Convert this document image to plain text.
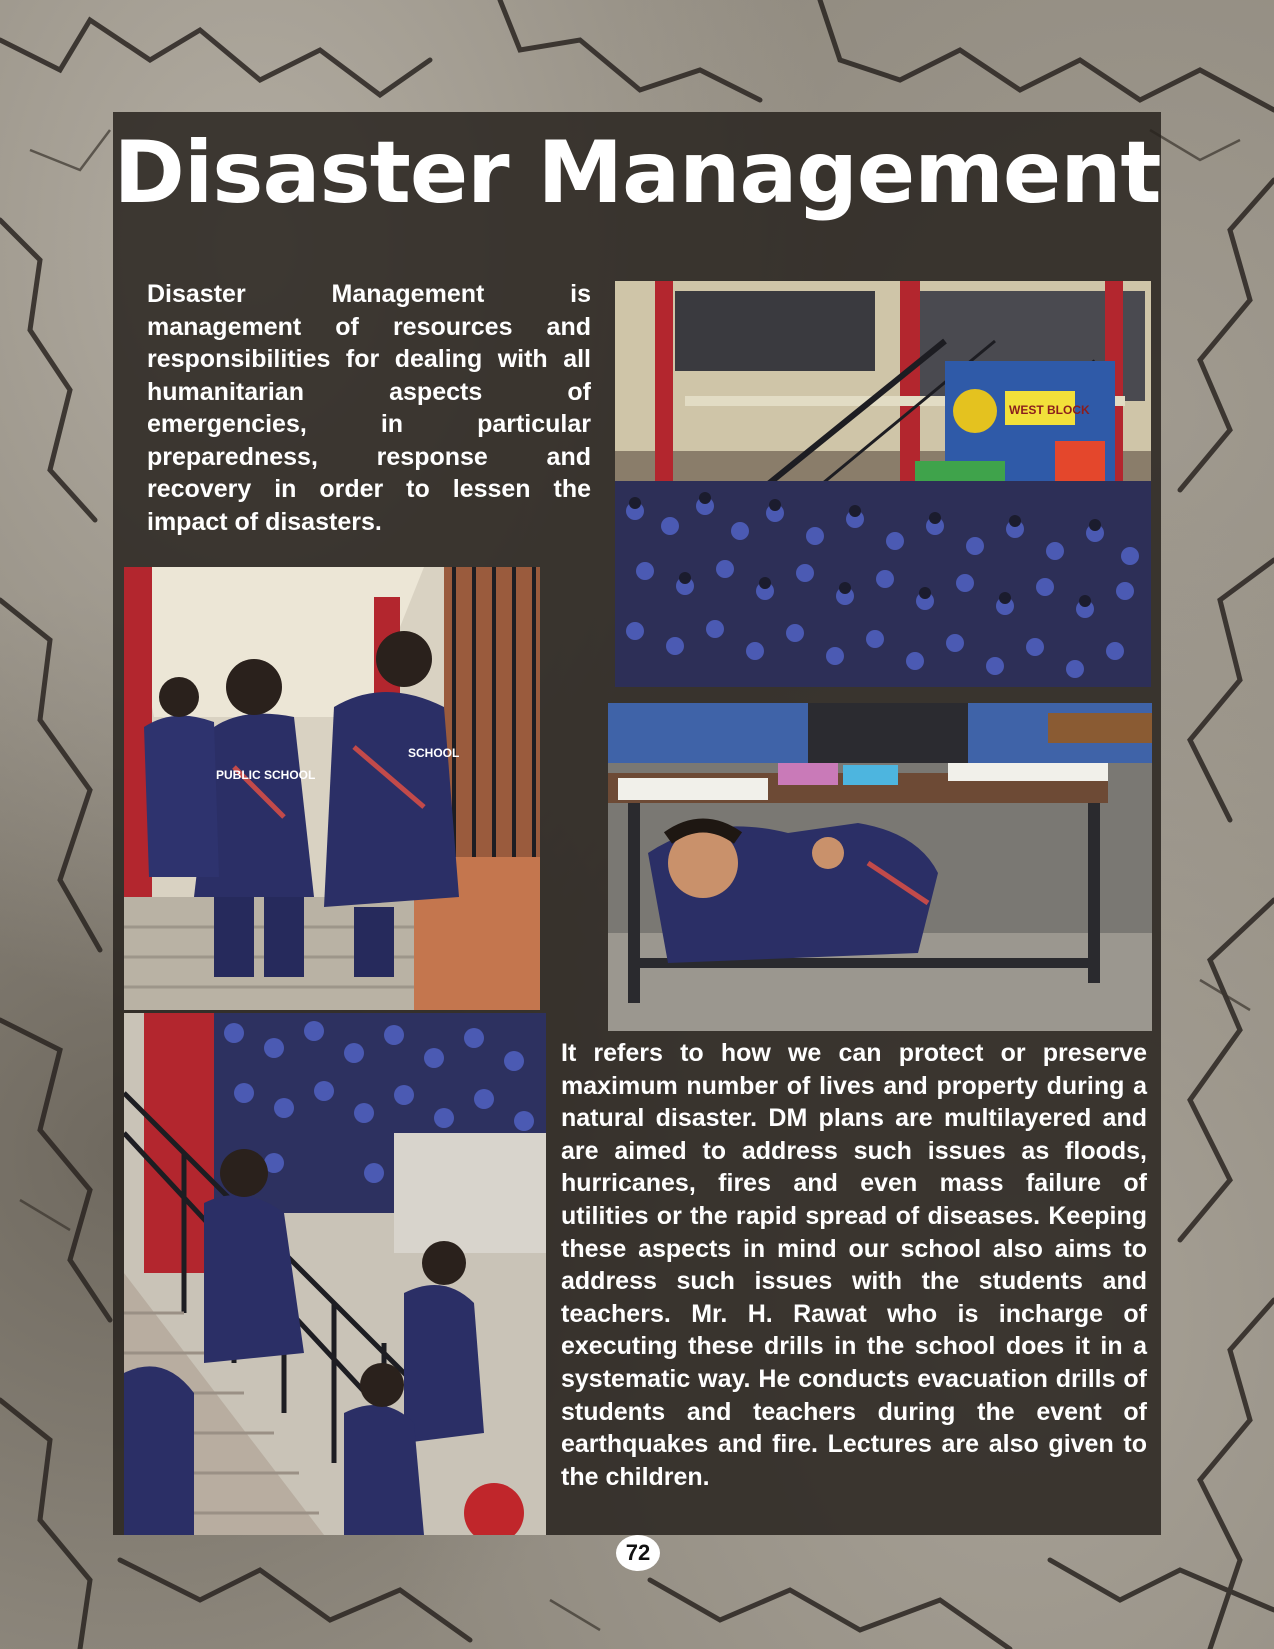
Disaster Management
Disaster Management is management of resources and responsibilities for dealing with all humanitarian aspects of emergencies, in particular preparedness, response and recovery in order to lessen the impact of disasters.
WEST BLOCK
PUBLIC SCHOOL
SCHOOL
It refers to how we can protect or preserve maximum number of lives and property during a natural disaster. DM plans are multilayered and are aimed to address such issues as floods, hurricanes, fires and even mass failure of utilities or the rapid spread of diseases. Keeping these aspects in mind our school also aims to address such issues with the students and teachers. Mr. H. Rawat who is incharge of executing these drills in the school does it in a systematic way. He conducts evacuation drills of students and teachers during the event of earthquakes and fire. Lectures are also given to the children.
72
